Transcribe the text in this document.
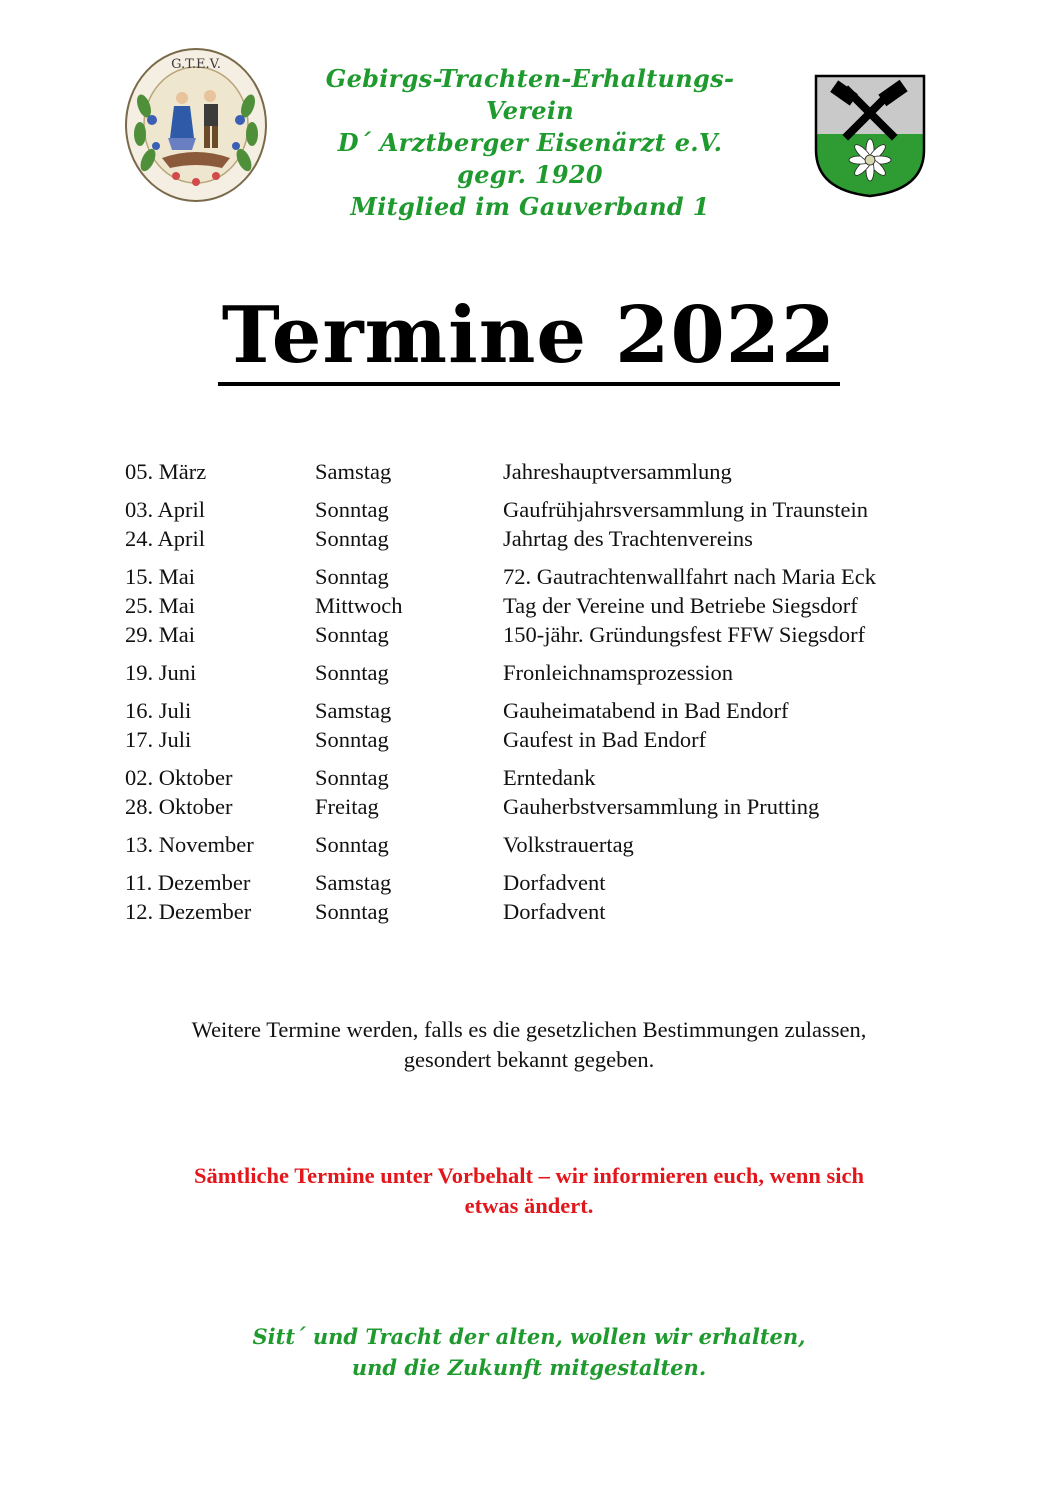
G.T.E.V.	Gebirgs-Trachten-Erhaltungs-Verein
D´ Arztberger Eisenärzt e.V.
gegr. 1920
Mitglied im Gauverband 1
Termine 2022
05. März	Samstag	Jahreshauptversammlung
03. April	Sonntag	Gaufrühjahrsversammlung in Traunstein
24. April	Sonntag	Jahrtag des Trachtenvereins
15. Mai	Sonntag	72. Gautrachtenwallfahrt nach Maria Eck
25. Mai	Mittwoch	Tag der Vereine und Betriebe Siegsdorf
29. Mai	Sonntag	150-jähr. Gründungsfest FFW Siegsdorf
19. Juni	Sonntag	Fronleichnamsprozession
16. Juli	Samstag	Gauheimatabend in Bad Endorf
17. Juli	Sonntag	Gaufest in Bad Endorf
02. Oktober	Sonntag	Erntedank
28. Oktober	Freitag	Gauherbstversammlung in Prutting
13. November	Sonntag	Volkstrauertag
11. Dezember	Samstag	Dorfadvent
12. Dezember	Sonntag	Dorfadvent
Weitere Termine werden, falls es die gesetzlichen Bestimmungen zulassen,
gesondert bekannt gegeben.
Sämtliche Termine unter Vorbehalt – wir informieren euch, wenn sich
etwas ändert.
Sitt´ und Tracht der alten, wollen wir erhalten,
und die Zukunft mitgestalten.
